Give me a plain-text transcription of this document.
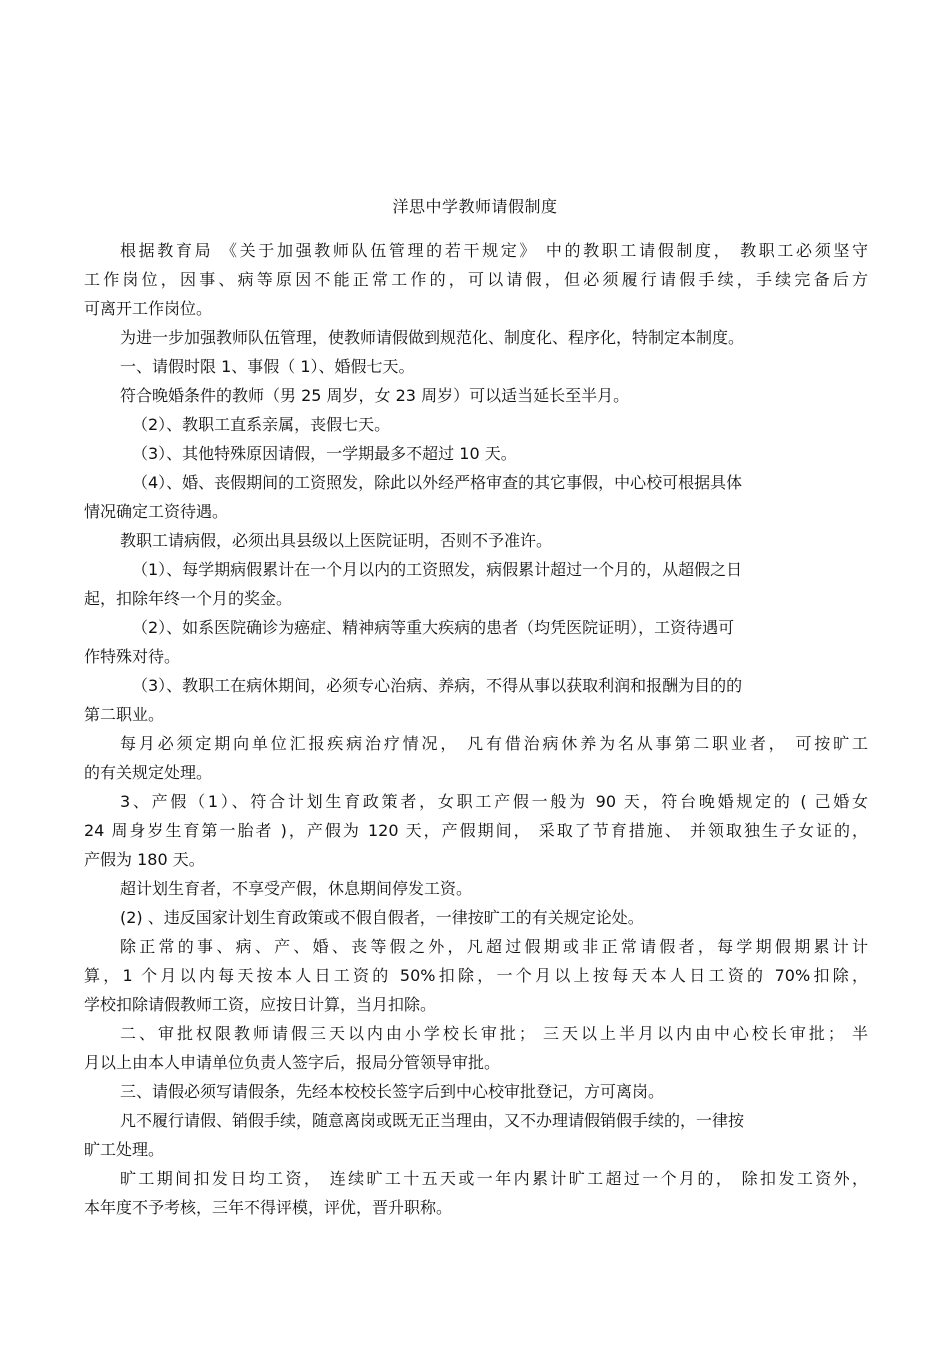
洋思中学教师请假制度

根据教育局 《关于加强教师队伍管理的若干规定》 中的教职工请假制度， 教职工必须坚守
工作岗位，因事、病等原因不能正常工作的，可以请假，但必须履行请假手续，手续完备后方
可离开工作岗位。

为进一步加强教师队伍管理，使教师请假做到规范化、制度化、程序化，特制定本制度。

一、请假时限 1、事假（ 1）、婚假七天。

符合晚婚条件的教师（男 25 周岁，女 23 周岁）可以适当延长至半月。

（2）、教职工直系亲属，丧假七天。

（3）、其他特殊原因请假，一学期最多不超过 10 天。

（4）、婚、丧假期间的工资照发，除此以外经严格审查的其它事假，中心校可根据具体
情况确定工资待遇。

教职工请病假，必须出具县级以上医院证明，否则不予准许。

（1）、每学期病假累计在一个月以内的工资照发，病假累计超过一个月的，从超假之日
起，扣除年终一个月的奖金。

（2）、如系医院确诊为癌症、精神病等重大疾病的患者（均凭医院证明），工资待遇可
作特殊对待。

（3）、教职工在病休期间，必须专心治病、养病，不得从事以获取利润和报酬为目的的
第二职业。

每月必须定期向单位汇报疾病治疗情况， 凡有借治病休养为名从事第二职业者， 可按旷工
的有关规定处理。

3、产假（1）、符合计划生育政策者，女职工产假一般为 90 天，符台晚婚规定的 ( 己婚女
24 周身岁生育第一胎者 )，产假为 120 天，产假期间， 采取了节育措施、 并领取独生子女证的，
产假为 180 天。

超计划生育者，不享受产假，休息期间停发工资。

(2) 、违反国家计划生育政策或不假自假者，一律按旷工的有关规定论处。

除正常的事、病、产、婚、丧等假之外，凡超过假期或非正常请假者，每学期假期累计计
算，1 个月以内每天按本人日工资的 50%扣除，一个月以上按每天本人日工资的 70%扣除，
学校扣除请假教师工资，应按日计算，当月扣除。

二、审批权限教师请假三天以内由小学校长审批； 三天以上半月以内由中心校长审批； 半
月以上由本人申请单位负责人签字后，报局分管领导审批。

三、请假必须写请假条，先经本校校长签字后到中心校审批登记，方可离岗。

凡不履行请假、销假手续，随意离岗或既无正当理由，又不办理请假销假手续的，一律按
旷工处理。

旷工期间扣发日均工资， 连续旷工十五天或一年内累计旷工超过一个月的， 除扣发工资外，
本年度不予考核，三年不得评模，评优，晋升职称。
